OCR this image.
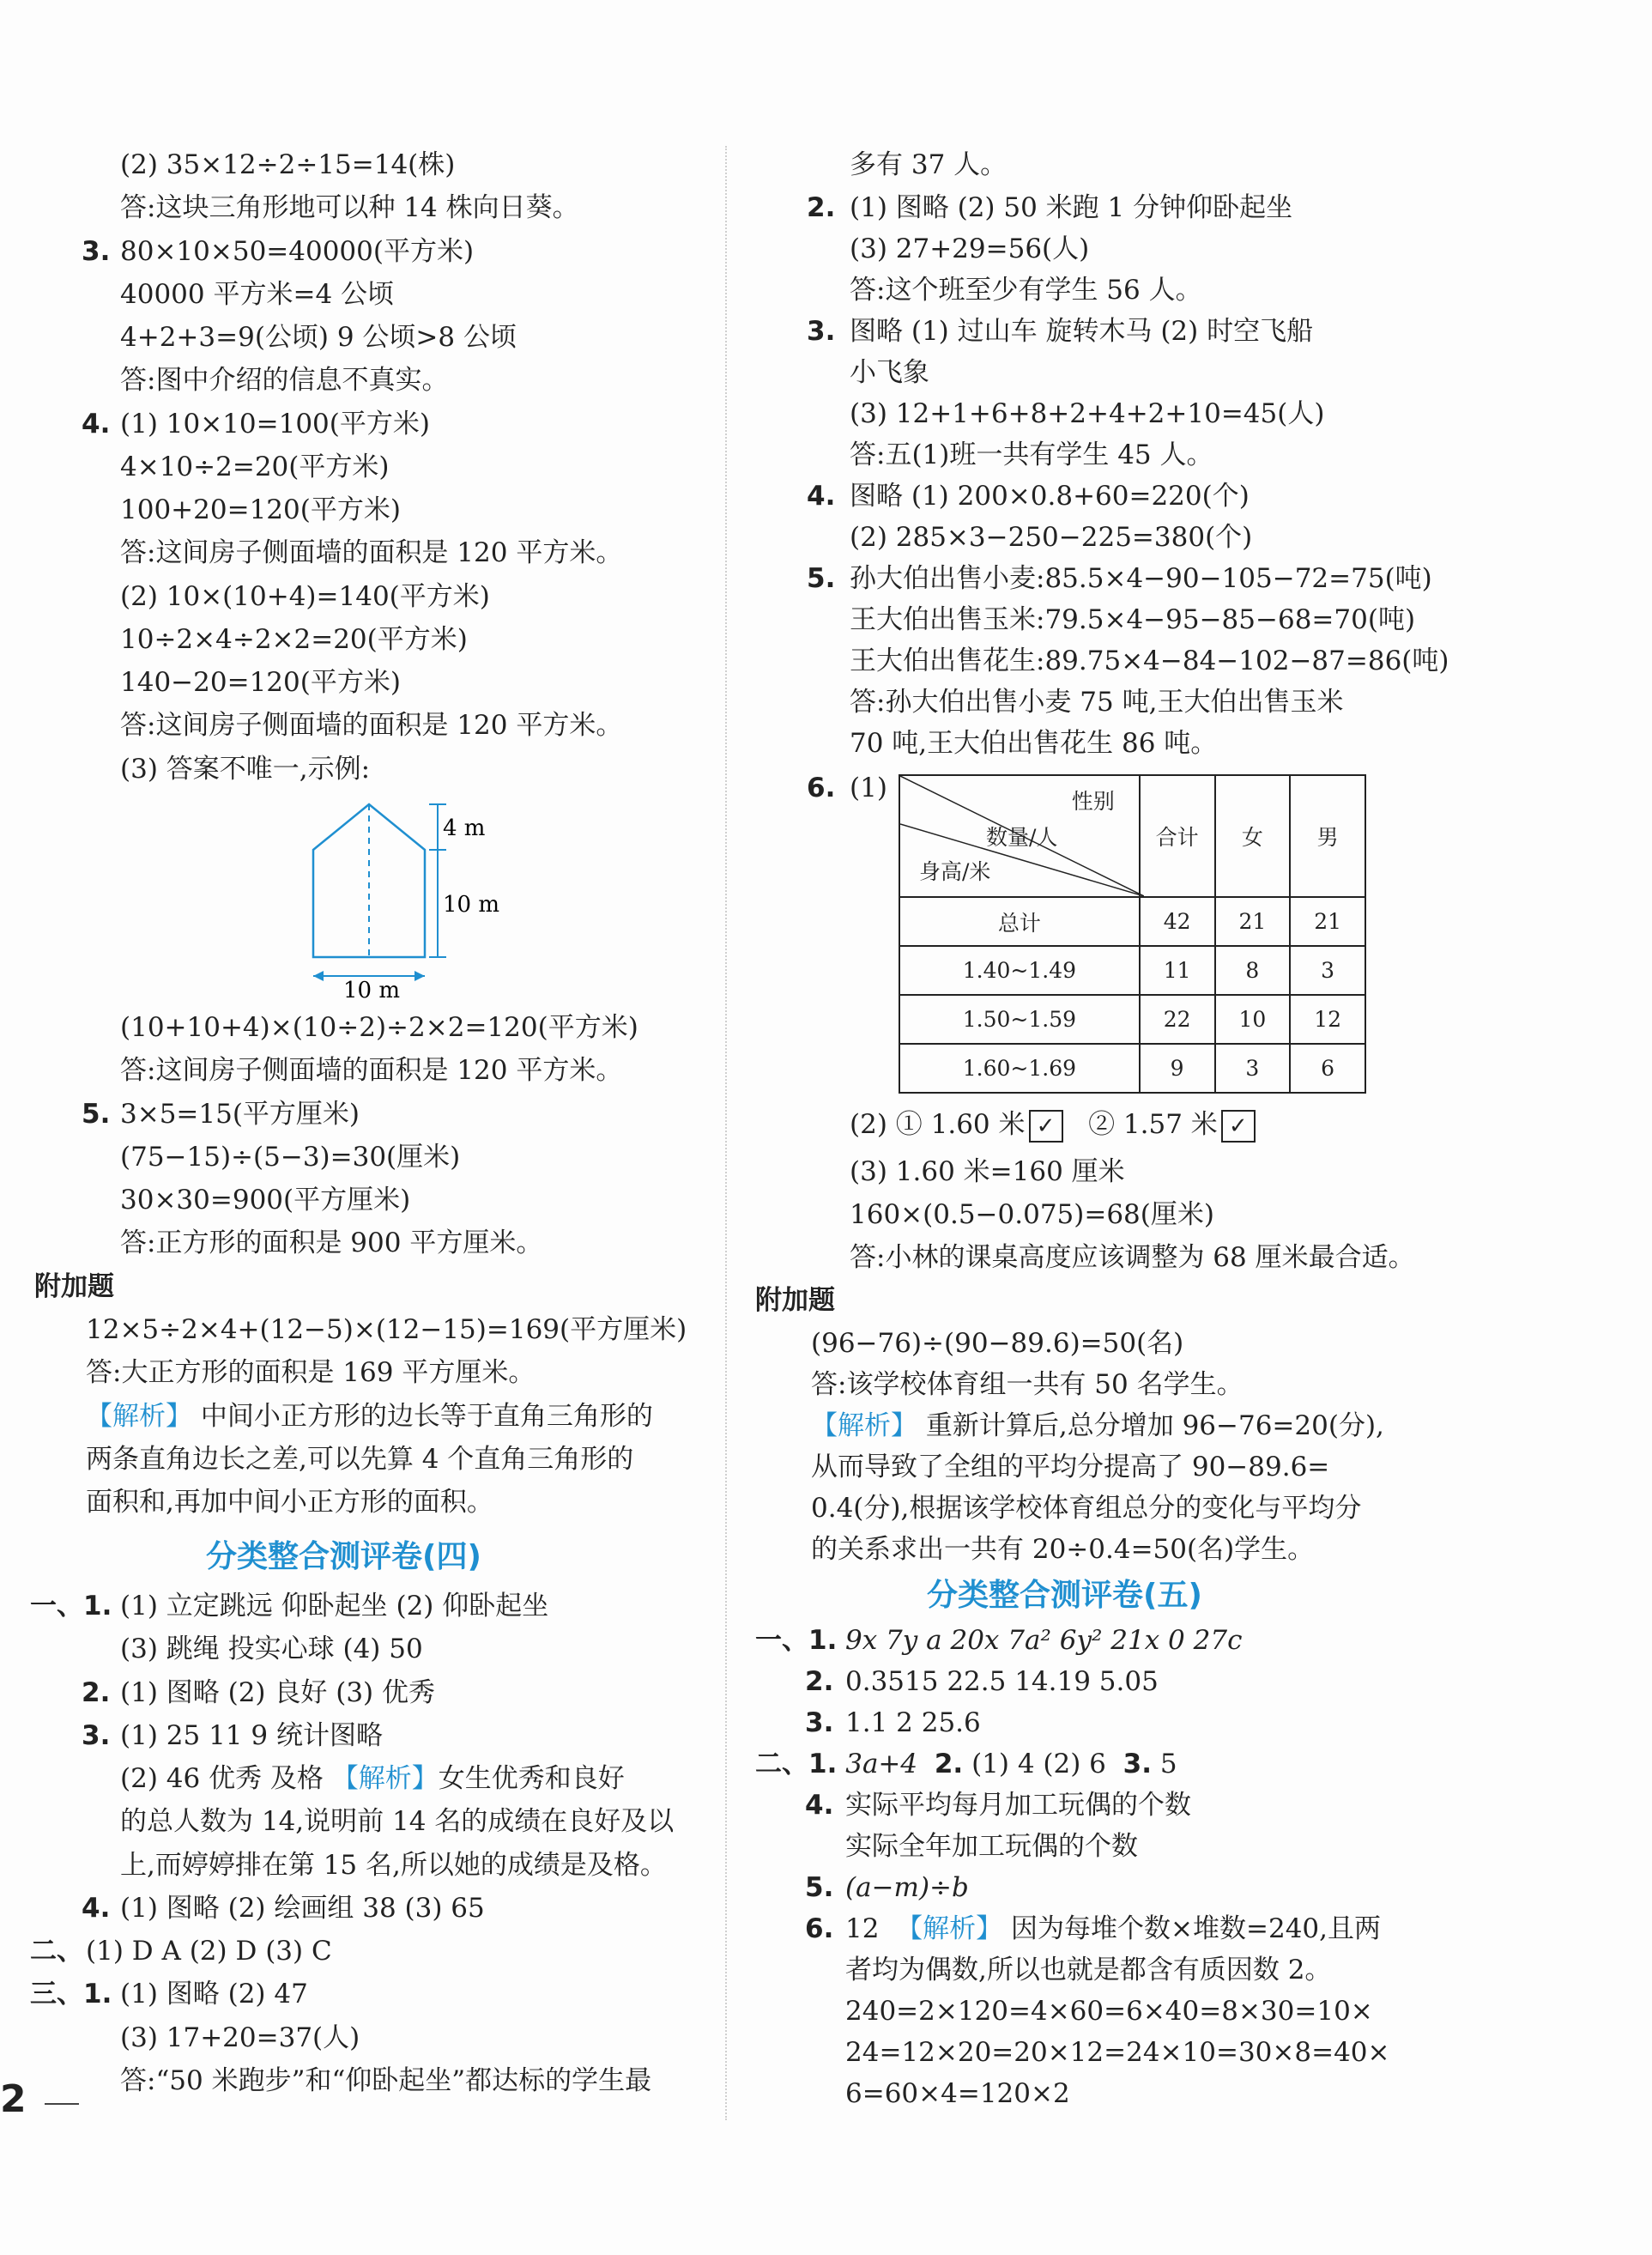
(2) 35×12÷2÷15=14(株)
答:这块三角形地可以种 14 株向日葵。
3. 80×10×50=40000(平方米)
40000 平方米=4 公顷
4+2+3=9(公顷) 9 公顷>8 公顷
答:图中介绍的信息不真实。
4. (1) 10×10=100(平方米)
4×10÷2=20(平方米)
100+20=120(平方米)
答:这间房子侧面墙的面积是 120 平方米。
(2) 10×(10+4)=140(平方米)
10÷2×4÷2×2=20(平方米)
140−20=120(平方米)
答:这间房子侧面墙的面积是 120 平方米。
(3) 答案不唯一,示例:
4 m
10 m
10 m
(10+10+4)×(10÷2)÷2×2=120(平方米)
答:这间房子侧面墙的面积是 120 平方米。
5. 3×5=15(平方厘米)
(75−15)÷(5−3)=30(厘米)
30×30=900(平方厘米)
答:正方形的面积是 900 平方厘米。
附加题
12×5÷2×4+(12−5)×(12−15)=169(平方厘米)
答:大正方形的面积是 169 平方厘米。
【解析】 中间小正方形的边长等于直角三角形的
两条直角边长之差,可以先算 4 个直角三角形的
面积和,再加中间小正方形的面积。
分类整合测评卷(四)
一、1. (1) 立定跳远 仰卧起坐 (2) 仰卧起坐
(3) 跳绳 投实心球 (4) 50
2. (1) 图略 (2) 良好 (3) 优秀
3. (1) 25 11 9 统计图略
(2) 46 优秀 及格 【解析】女生优秀和良好
的总人数为 14,说明前 14 名的成绩在良好及以
上,而婷婷排在第 15 名,所以她的成绩是及格。
4. (1) 图略 (2) 绘画组 38 (3) 65
二、 (1) D A (2) D (3) C
三、1. (1) 图略 (2) 47
(3) 17+20=37(人)
答:“50 米跑步”和“仰卧起坐”都达标的学生最
多有 37 人。
2. (1) 图略 (2) 50 米跑 1 分钟仰卧起坐
(3) 27+29=56(人)
答:这个班至少有学生 56 人。
3. 图略 (1) 过山车 旋转木马 (2) 时空飞船
小飞象
(3) 12+1+6+8+2+4+2+10=45(人)
答:五(1)班一共有学生 45 人。
4. 图略 (1) 200×0.8+60=220(个)
(2) 285×3−250−225=380(个)
5. 孙大伯出售小麦:85.5×4−90−105−72=75(吨)
王大伯出售玉米:79.5×4−95−85−68=70(吨)
王大伯出售花生:89.75×4−84−102−87=86(吨)
答:孙大伯出售小麦 75 吨,王大伯出售玉米
70 吨,王大伯出售花生 86 吨。
6. (1)	性别
数量/人
身高/米	合计	女	男
总计	42	21	21
1.40~1.49	11	8	3
1.50~1.59	22	10	12
1.60~1.69	9	3	6
(2) ① 1.60 米 ✓ ② 1.57 米 ✓
(3) 1.60 米=160 厘米
160×(0.5−0.075)=68(厘米)
答:小林的课桌高度应该调整为 68 厘米最合适。
附加题
(96−76)÷(90−89.6)=50(名)
答:该学校体育组一共有 50 名学生。
【解析】 重新计算后,总分增加 96−76=20(分),
从而导致了全组的平均分提高了 90−89.6=
0.4(分),根据该学校体育组总分的变化与平均分
的关系求出一共有 20÷0.4=50(名)学生。
分类整合测评卷(五)
一、1. 9x 7y a 20x 7a² 6y² 21x 0 27c
2. 0.3515 22.5 14.19 5.05
3. 1.1 2 25.6
二、1. 3a+4 2. (1) 4 (2) 6 3. 5
4. 实际平均每月加工玩偶的个数
实际全年加工玩偶的个数
5. (a−m)÷b
6. 12 【解析】 因为每堆个数×堆数=240,且两
者均为偶数,所以也就是都含有质因数 2。
240=2×120=4×60=6×40=8×30=10×
24=12×20=20×12=24×10=30×8=40×
6=60×4=120×2
2
